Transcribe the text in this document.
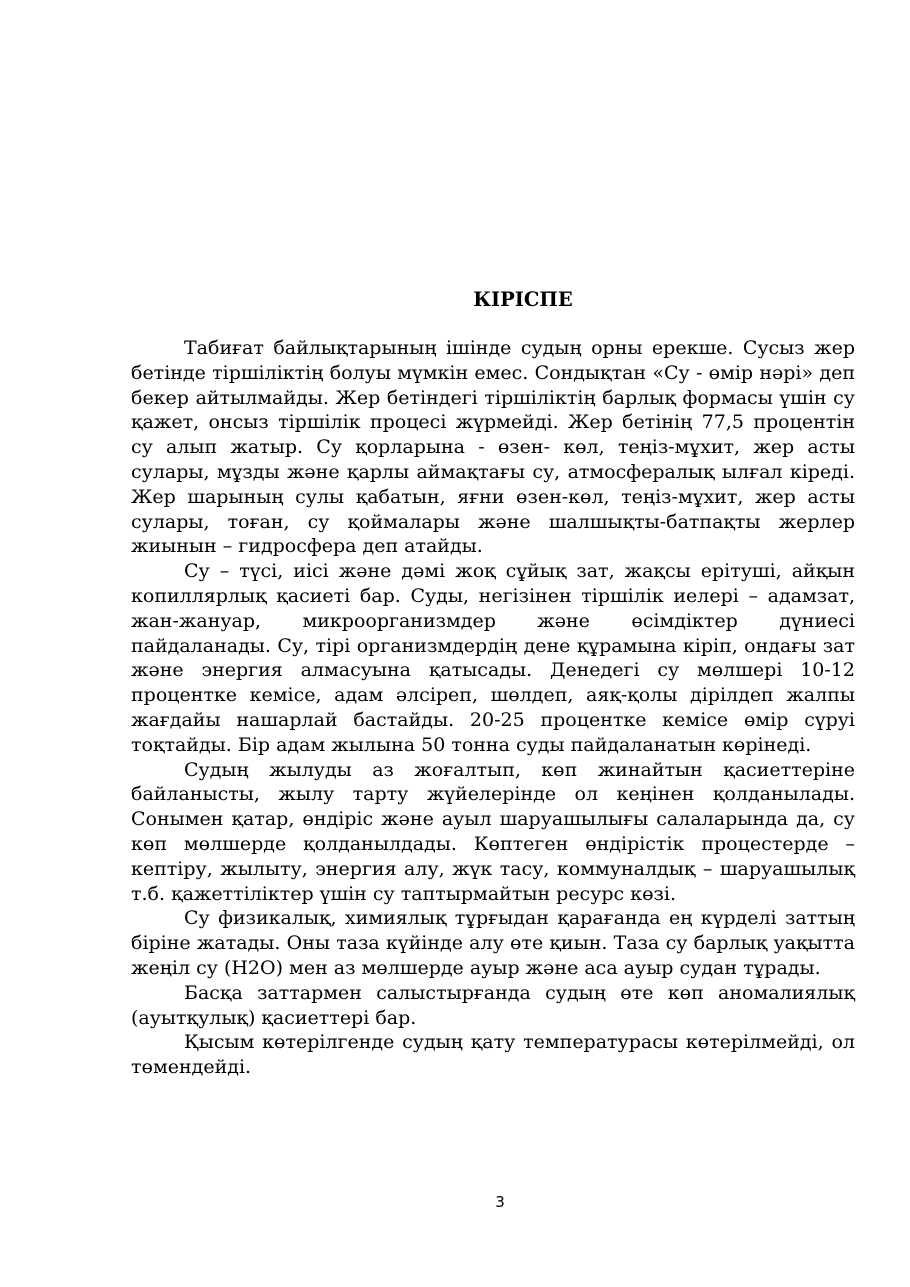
КІРІСПЕ

Табиғат байлықтарының ішінде судың орны ерекше. Сусыз жер бетінде тіршіліктің болуы мүмкін емес. Сондықтан «Су - өмір нәрі» деп бекер айтылмайды. Жер бетіндегі тіршіліктің барлық формасы үшін су қажет, онсыз тіршілік процесі жүрмейді. Жер бетінің 77,5 процентін су алып жатыр. Су қорларына - өзен- көл, теңіз-мұхит, жер асты сулары, мұзды және қарлы аймақтағы су, атмосфералық ылғал кіреді. Жер шарының сулы қабатын, яғни өзен-көл, теңіз-мұхит, жер асты сулары, тоған, су қоймалары және шалшықты-батпақты жерлер жиынын – гидросфера деп атайды.

Су – түсі, иісі және дәмі жоқ сұйық зат, жақсы ерітуші, айқын копиллярлық қасиеті бар. Суды, негізінен тіршілік иелері – адамзат, жан-жануар, микроорганизмдер және өсімдіктер дүниесі пайдаланады. Су, тірі организмдердің дене құрамына кіріп, ондағы зат және энергия алмасуына қатысады. Денедегі су мөлшері 10-12 процентке кемісе, адам әлсіреп, шөлдеп, аяқ-қолы дірілдеп жалпы жағдайы нашарлай бастайды. 20-25 процентке кемісе өмір сүруі тоқтайды. Бір адам жылына 50 тонна суды пайдаланатын көрінеді.

Судың жылуды аз жоғалтып, көп жинайтын қасиеттеріне байланысты, жылу тарту жүйелерінде ол кеңінен қолданылады. Сонымен қатар, өндіріс және ауыл шаруашылығы салаларында да, су көп мөлшерде қолданылдады. Көптеген өндірістік процестерде – кептіру, жылыту, энергия алу, жүк тасу, коммуналдық – шаруашылық т.б. қажеттіліктер үшін су таптырмайтын ресурс көзі.

Су физикалық, химиялық тұрғыдан қарағанда ең күрделі заттың біріне жатады. Оны таза күйінде алу өте қиын. Таза су барлық уақытта жеңіл су (Н2О) мен аз мөлшерде ауыр және аса ауыр судан тұрады.

Басқа заттармен салыстырғанда судың өте көп аномалиялық (ауытқулық) қасиеттері бар.

Қысым көтерілгенде судың қату температурасы көтерілмейді, ол төмендейді.

3
